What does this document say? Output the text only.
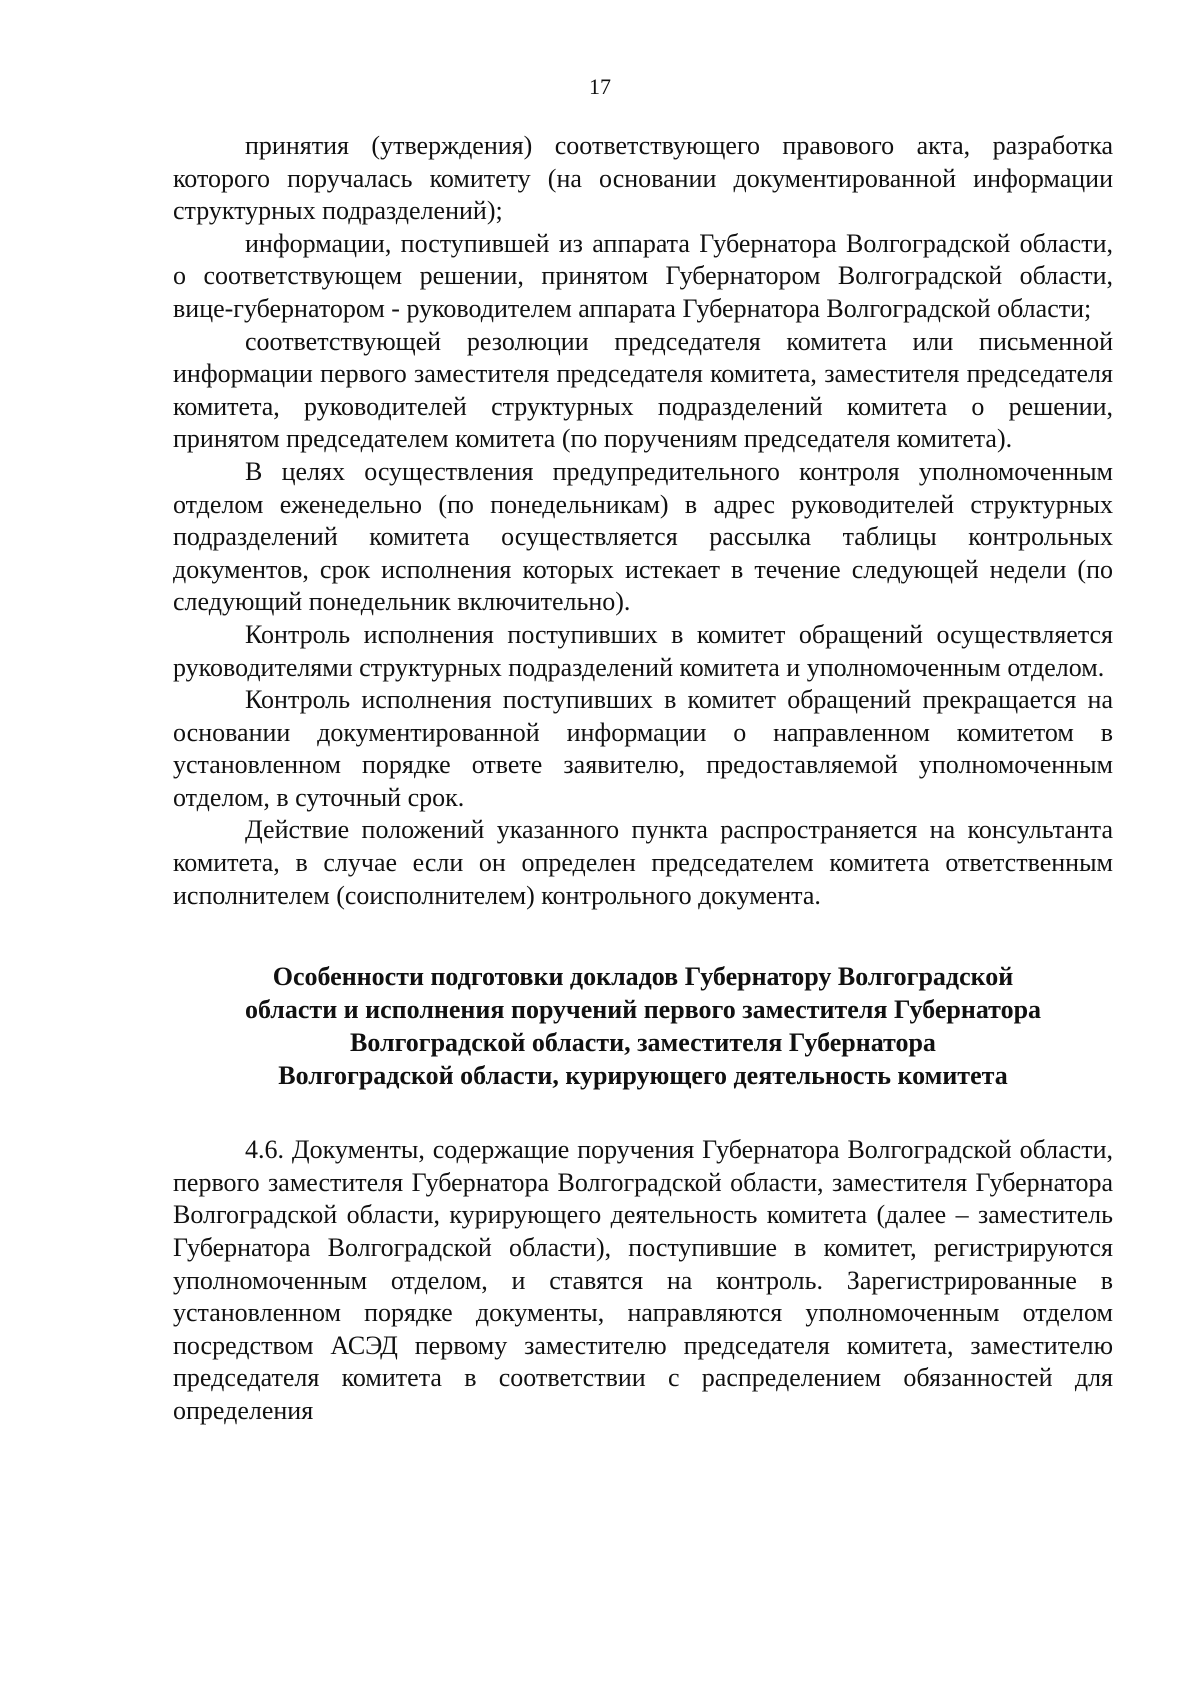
17

принятия (утверждения) соответствующего правового акта, разработка которого поручалась комитету (на основании документированной информации структурных подразделений);

информации, поступившей из аппарата Губернатора Волгоградской области, о соответствующем решении, принятом Губернатором Волгоградской области, вице-губернатором - руководителем аппарата Губернатора Волгоградской области;

соответствующей резолюции председателя комитета или письменной информации первого заместителя председателя комитета, заместителя председателя комитета, руководителей структурных подразделений комитета о решении, принятом председателем комитета (по поручениям председателя комитета).

В целях осуществления предупредительного контроля уполномоченным отделом еженедельно (по понедельникам) в адрес руководителей структурных подразделений комитета осуществляется рассылка таблицы контрольных документов, срок исполнения которых истекает в течение следующей недели (по следующий понедельник включительно).

Контроль исполнения поступивших в комитет обращений осуществляется руководителями структурных подразделений комитета и уполномоченным отделом.

Контроль исполнения поступивших в комитет обращений прекращается на основании документированной информации о направленном комитетом в установленном порядке ответе заявителю, предоставляемой уполномоченным отделом, в суточный срок.

Действие положений указанного пункта распространяется на консультанта комитета, в случае если он определен председателем комитета ответственным исполнителем (соисполнителем) контрольного документа.

Особенности подготовки докладов Губернатору Волгоградской
области и исполнения поручений первого заместителя Губернатора
Волгоградской области, заместителя Губернатора
Волгоградской области, курирующего деятельность комитета

4.6. Документы, содержащие поручения Губернатора Волгоградской области, первого заместителя Губернатора Волгоградской области, заместителя Губернатора Волгоградской области, курирующего деятельность комитета (далее – заместитель Губернатора Волгоградской области), поступившие в комитет, регистрируются уполномоченным отделом, и ставятся на контроль. Зарегистрированные в установленном порядке документы, направляются уполномоченным отделом посредством АСЭД первому заместителю председателя комитета, заместителю председателя комитета в соответствии с распределением обязанностей для определения
